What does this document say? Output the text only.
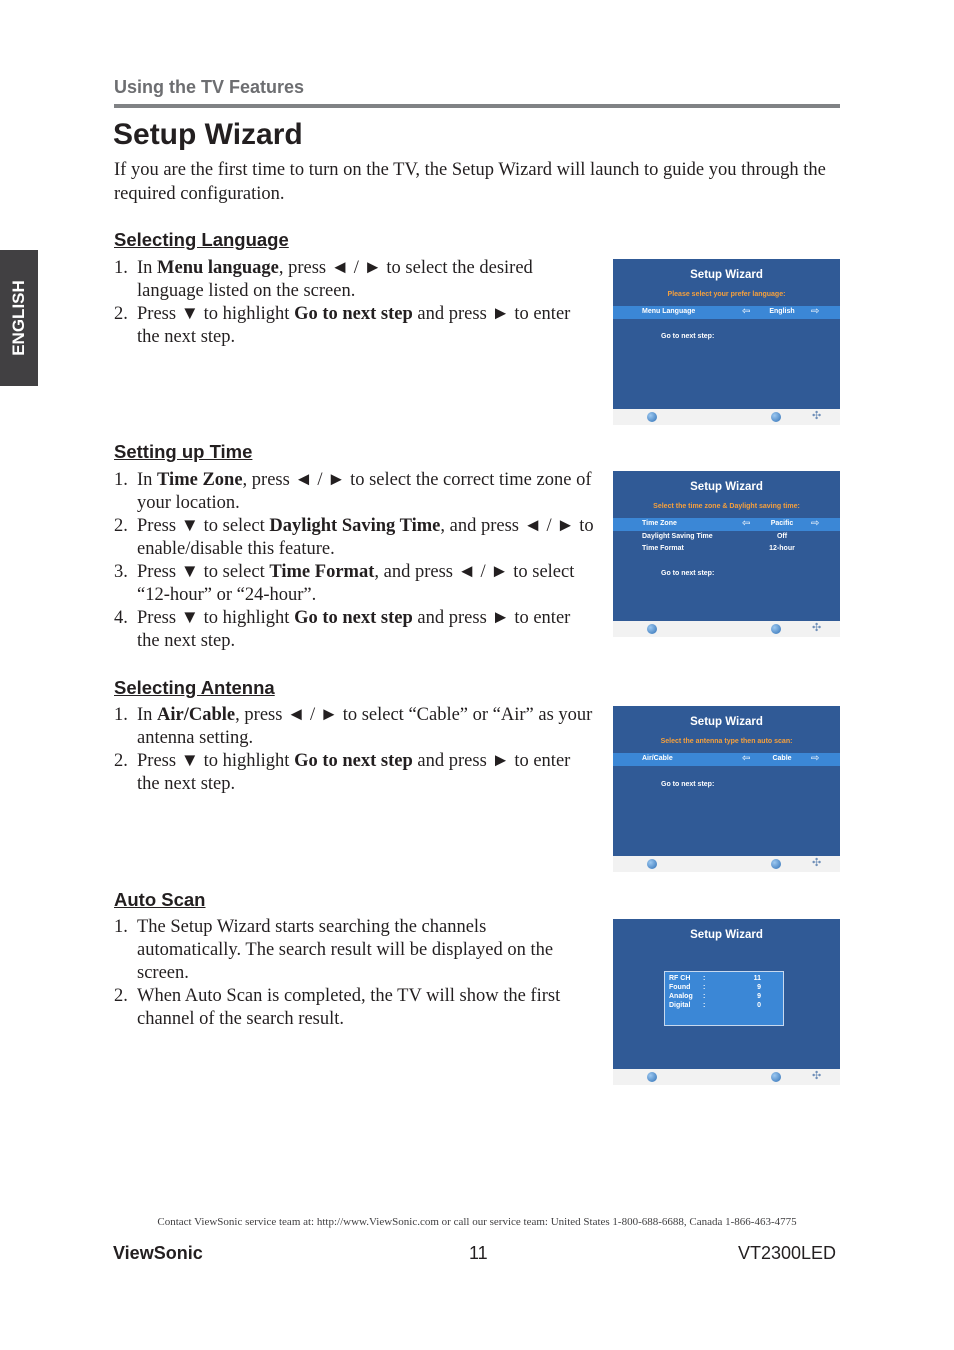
Using the TV Features
Setup Wizard

If you are the first time to turn on the TV, the Setup Wizard will launch to guide you through the required configuration.

ENGLISH
Selecting Language
1. In Menu language, press ◄ / ► to select the desired language listed on the screen.
2. Press ▼ to highlight Go to next step and press ► to enter the next step.
Setup Wizard
Please select your prefer language:
Menu Language	⇦	English	⇨
Go to next step:
✣
Setting up Time
1. In Time Zone, press ◄ / ► to select the correct time zone of your location.
2. Press ▼ to select Daylight Saving Time, and press ◄ / ► to enable/disable this feature.
3. Press ▼ to select Time Format, and press ◄ / ► to select “12-hour” or “24-hour”.
4. Press ▼ to highlight Go to next step and press ► to enter the next step.
Setup Wizard
Select the time zone & Daylight saving time:
Time Zone	⇦	Pacific	⇨
Daylight Saving Time	Off
Time Format	12-hour
Go to next step:
✣
Selecting Antenna
1. In Air/Cable, press ◄ / ► to select “Cable” or “Air” as your antenna setting.
2. Press ▼ to highlight Go to next step and press ► to enter the next step.
Setup Wizard
Select the antenna type then auto scan:
Air/Cable	⇦	Cable	⇨
Go to next step:
✣
Auto Scan
1. The Setup Wizard starts searching the channels automatically. The search result will be displayed on the screen.
2. When Auto Scan is completed, the TV will show the first channel of the search result.
Setup Wizard
RF CH :	11
Found :	9
Analog :	9
Digital :	0
✣
Contact ViewSonic service team at: http://www.ViewSonic.com or call our service team: United States 1-800-688-6688, Canada 1-866-463-4775
ViewSonic	11	VT2300LED
